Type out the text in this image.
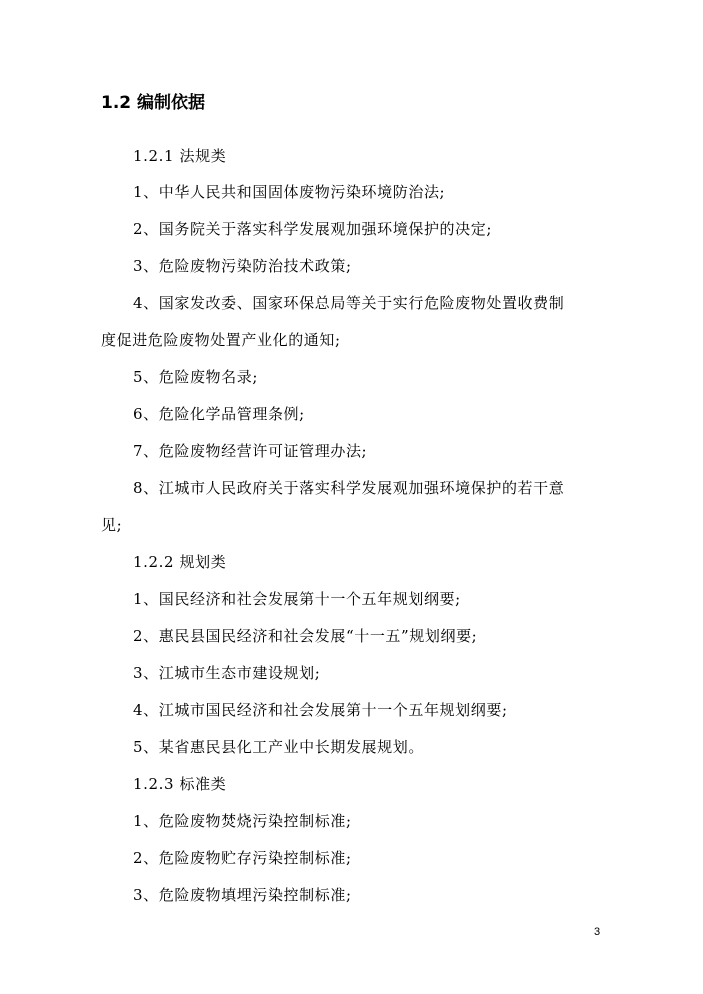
1.2 编制依据
1.2.1 法规类
1、中华人民共和国固体废物污染环境防治法;
2、国务院关于落实科学发展观加强环境保护的决定;
3、危险废物污染防治技术政策;
4、国家发改委、国家环保总局等关于实行危险废物处置收费制
度促进危险废物处置产业化的通知;
5、危险废物名录;
6、危险化学品管理条例;
7、危险废物经营许可证管理办法;
8、江城市人民政府关于落实科学发展观加强环境保护的若干意
见;
1.2.2 规划类
1、国民经济和社会发展第十一个五年规划纲要;
2、惠民县国民经济和社会发展“十一五”规划纲要;
3、江城市生态市建设规划;
4、江城市国民经济和社会发展第十一个五年规划纲要;
5、某省惠民县化工产业中长期发展规划。
1.2.3 标准类
1、危险废物焚烧污染控制标准;
2、危险废物贮存污染控制标准;
3、危险废物填埋污染控制标准;
3
